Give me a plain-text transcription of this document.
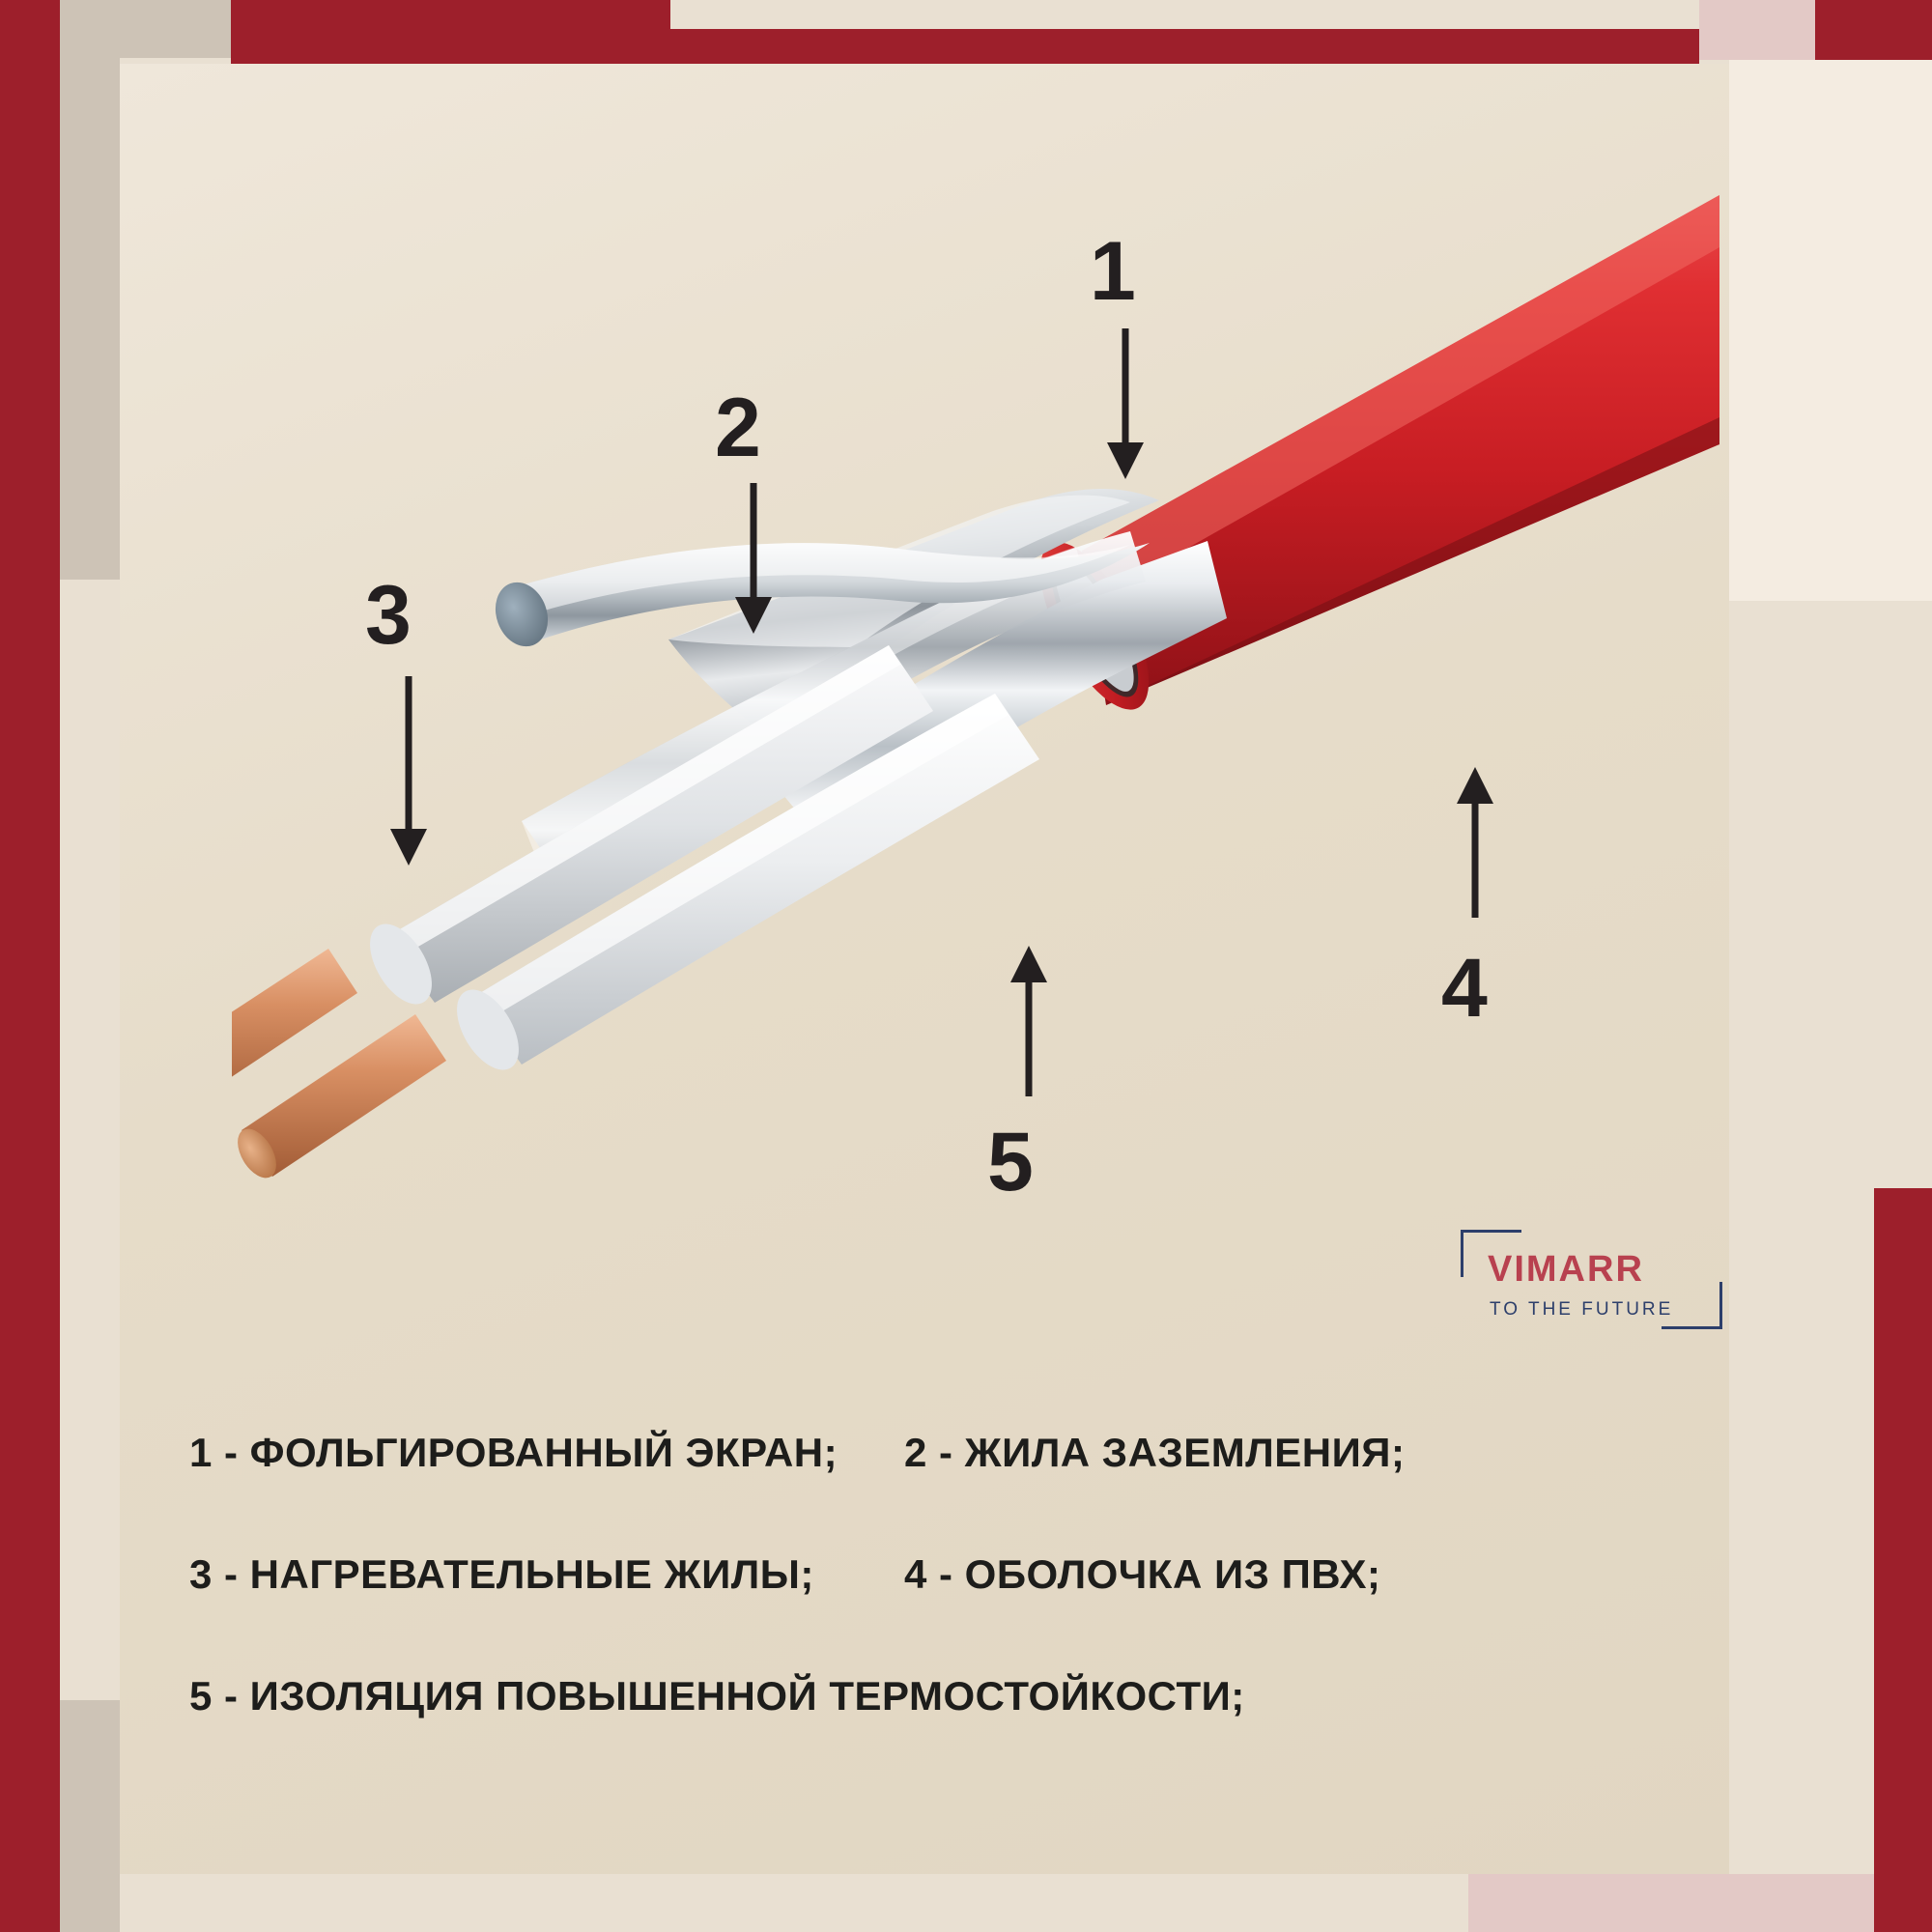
1
2
3
4
5
VIMARR
TO THE FUTURE
1 - ФОЛЬГИРОВАННЫЙ ЭКРАН;	2 - ЖИЛА ЗАЗЕМЛЕНИЯ;
3 - НАГРЕВАТЕЛЬНЫЕ ЖИЛЫ;	4 - ОБОЛОЧКА ИЗ ПВХ;
5 - ИЗОЛЯЦИЯ ПОВЫШЕННОЙ ТЕРМОСТОЙКОСТИ;
